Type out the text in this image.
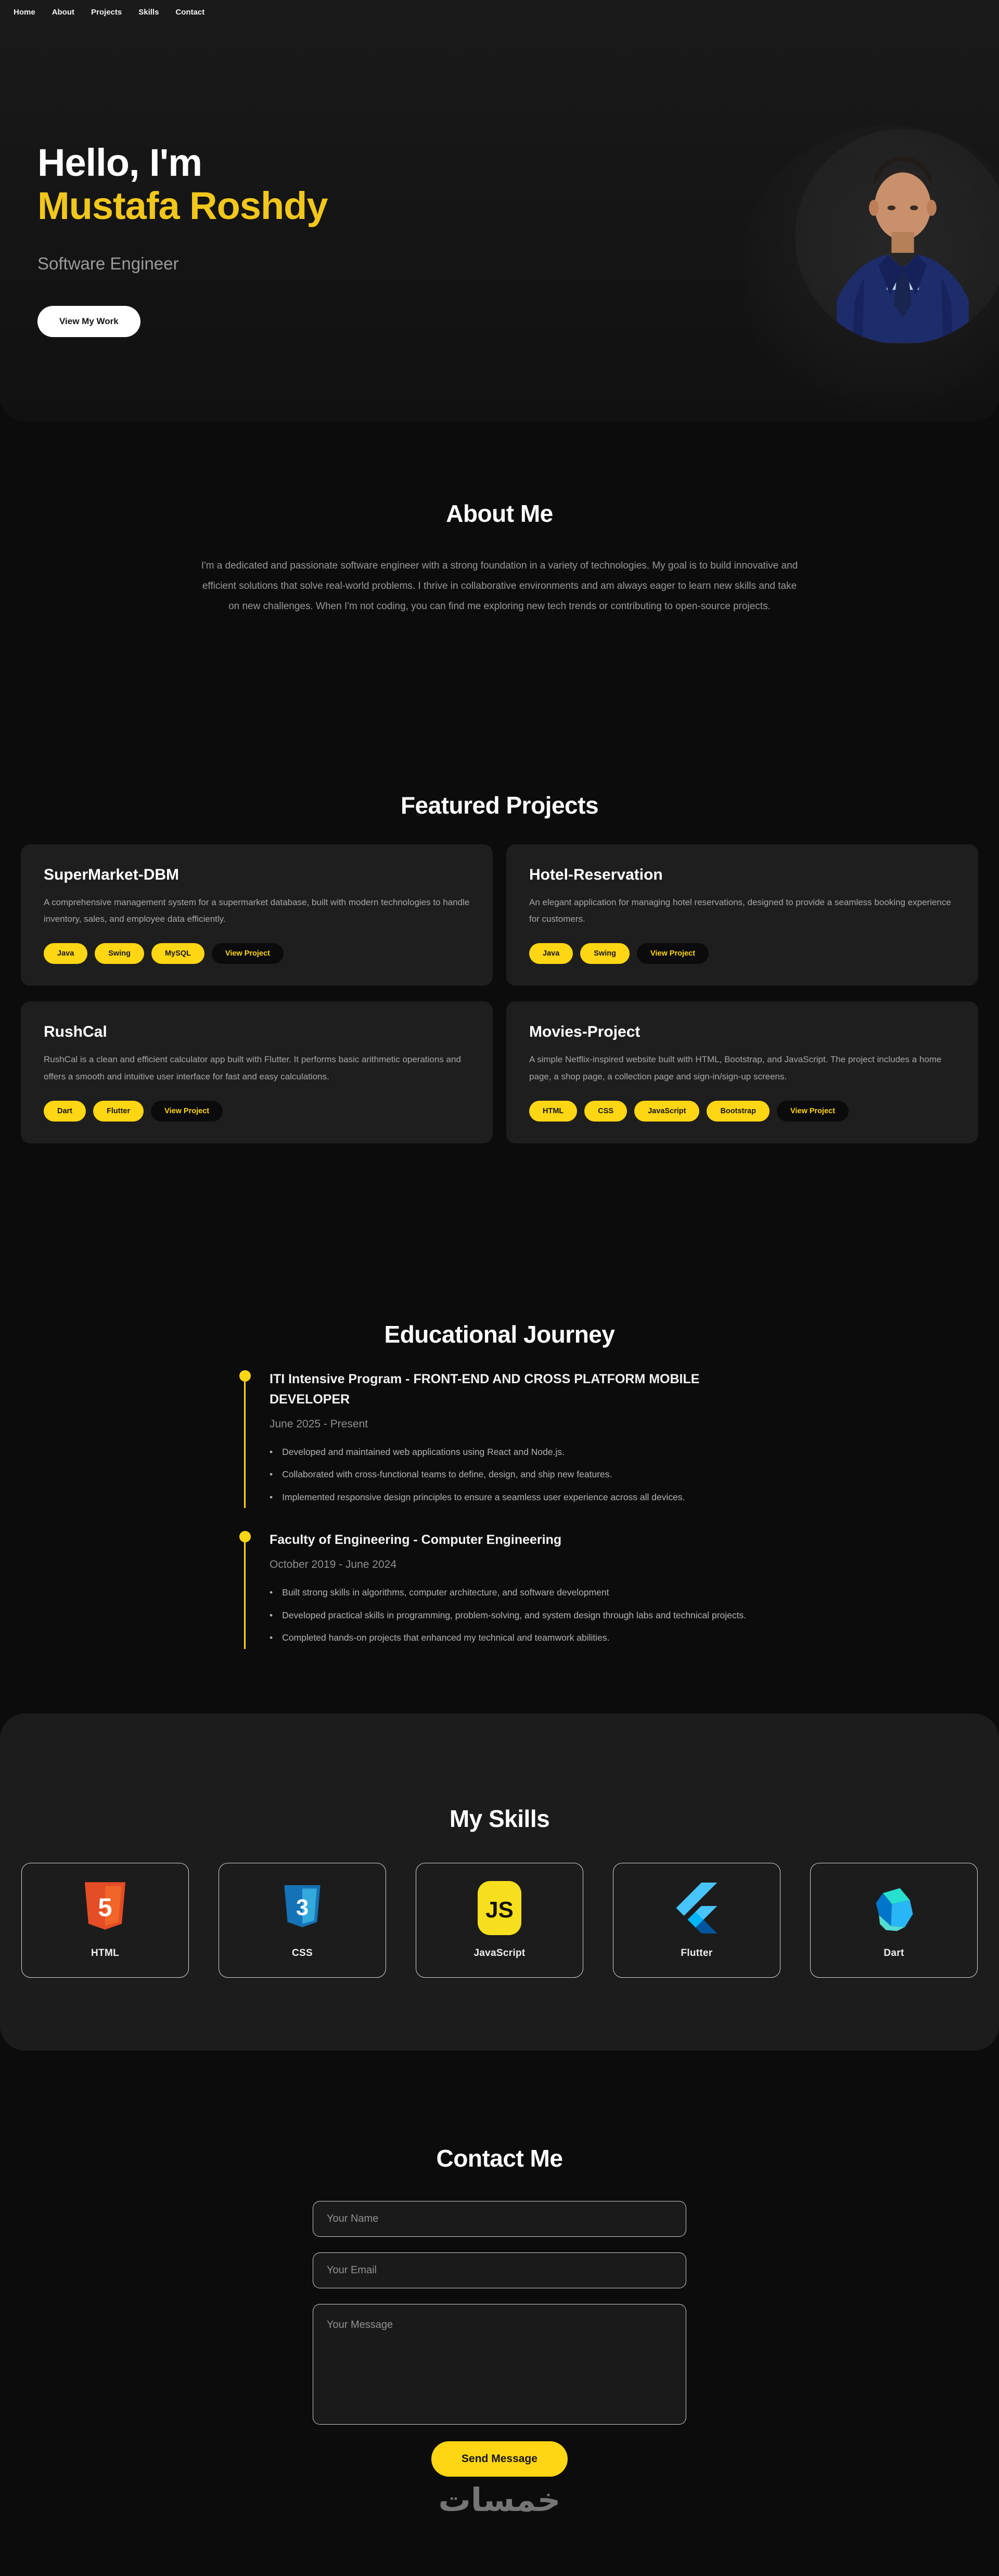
Home About Projects Skills Contact
Hello, I'm
Mustafa Roshdy
Software Engineer
View My Work
About Me

I'm a dedicated and passionate software engineer with a strong foundation in a variety of technologies. My goal is to build innovative and efficient solutions that solve real-world problems. I thrive in collaborative environments and am always eager to learn new skills and take on new challenges. When I'm not coding, you can find me exploring new tech trends or contributing to open-source projects.

Featured Projects
SuperMarket-DBM
A comprehensive management system for a supermarket database, built with modern technologies to handle inventory, sales, and employee data efficiently.
Java	Swing	MySQL	View Project
Hotel-Reservation
An elegant application for managing hotel reservations, designed to provide a seamless booking experience for customers.
Java	Swing	View Project
RushCal
RushCal is a clean and efficient calculator app built with Flutter. It performs basic arithmetic operations and offers a smooth and intuitive user interface for fast and easy calculations.
Dart	Flutter	View Project
Movies-Project
A simple Netflix-inspired website built with HTML, Bootstrap, and JavaScript. The project includes a home page, a shop page, a collection page and sign-in/sign-up screens.
HTML	CSS	JavaScript	Bootstrap	View Project
Educational Journey
ITI Intensive Program - FRONT-END AND CROSS PLATFORM MOBILE DEVELOPER
June 2025 - Present
• Developed and maintained web applications using React and Node.js.
• Collaborated with cross-functional teams to define, design, and ship new features.
• Implemented responsive design principles to ensure a seamless user experience across all devices.
Faculty of Engineering - Computer Engineering
October 2019 - June 2024
• Built strong skills in algorithms, computer architecture, and software development
• Developed practical skills in programming, problem-solving, and system design through labs and technical projects.
• Completed hands-on projects that enhanced my technical and teamwork abilities.
My Skills
5
HTML
3
CSS
JS
JavaScript	Flutter	Dart
Contact Me
Your Name
Your Email
Your Message
Send Message
خمسات
